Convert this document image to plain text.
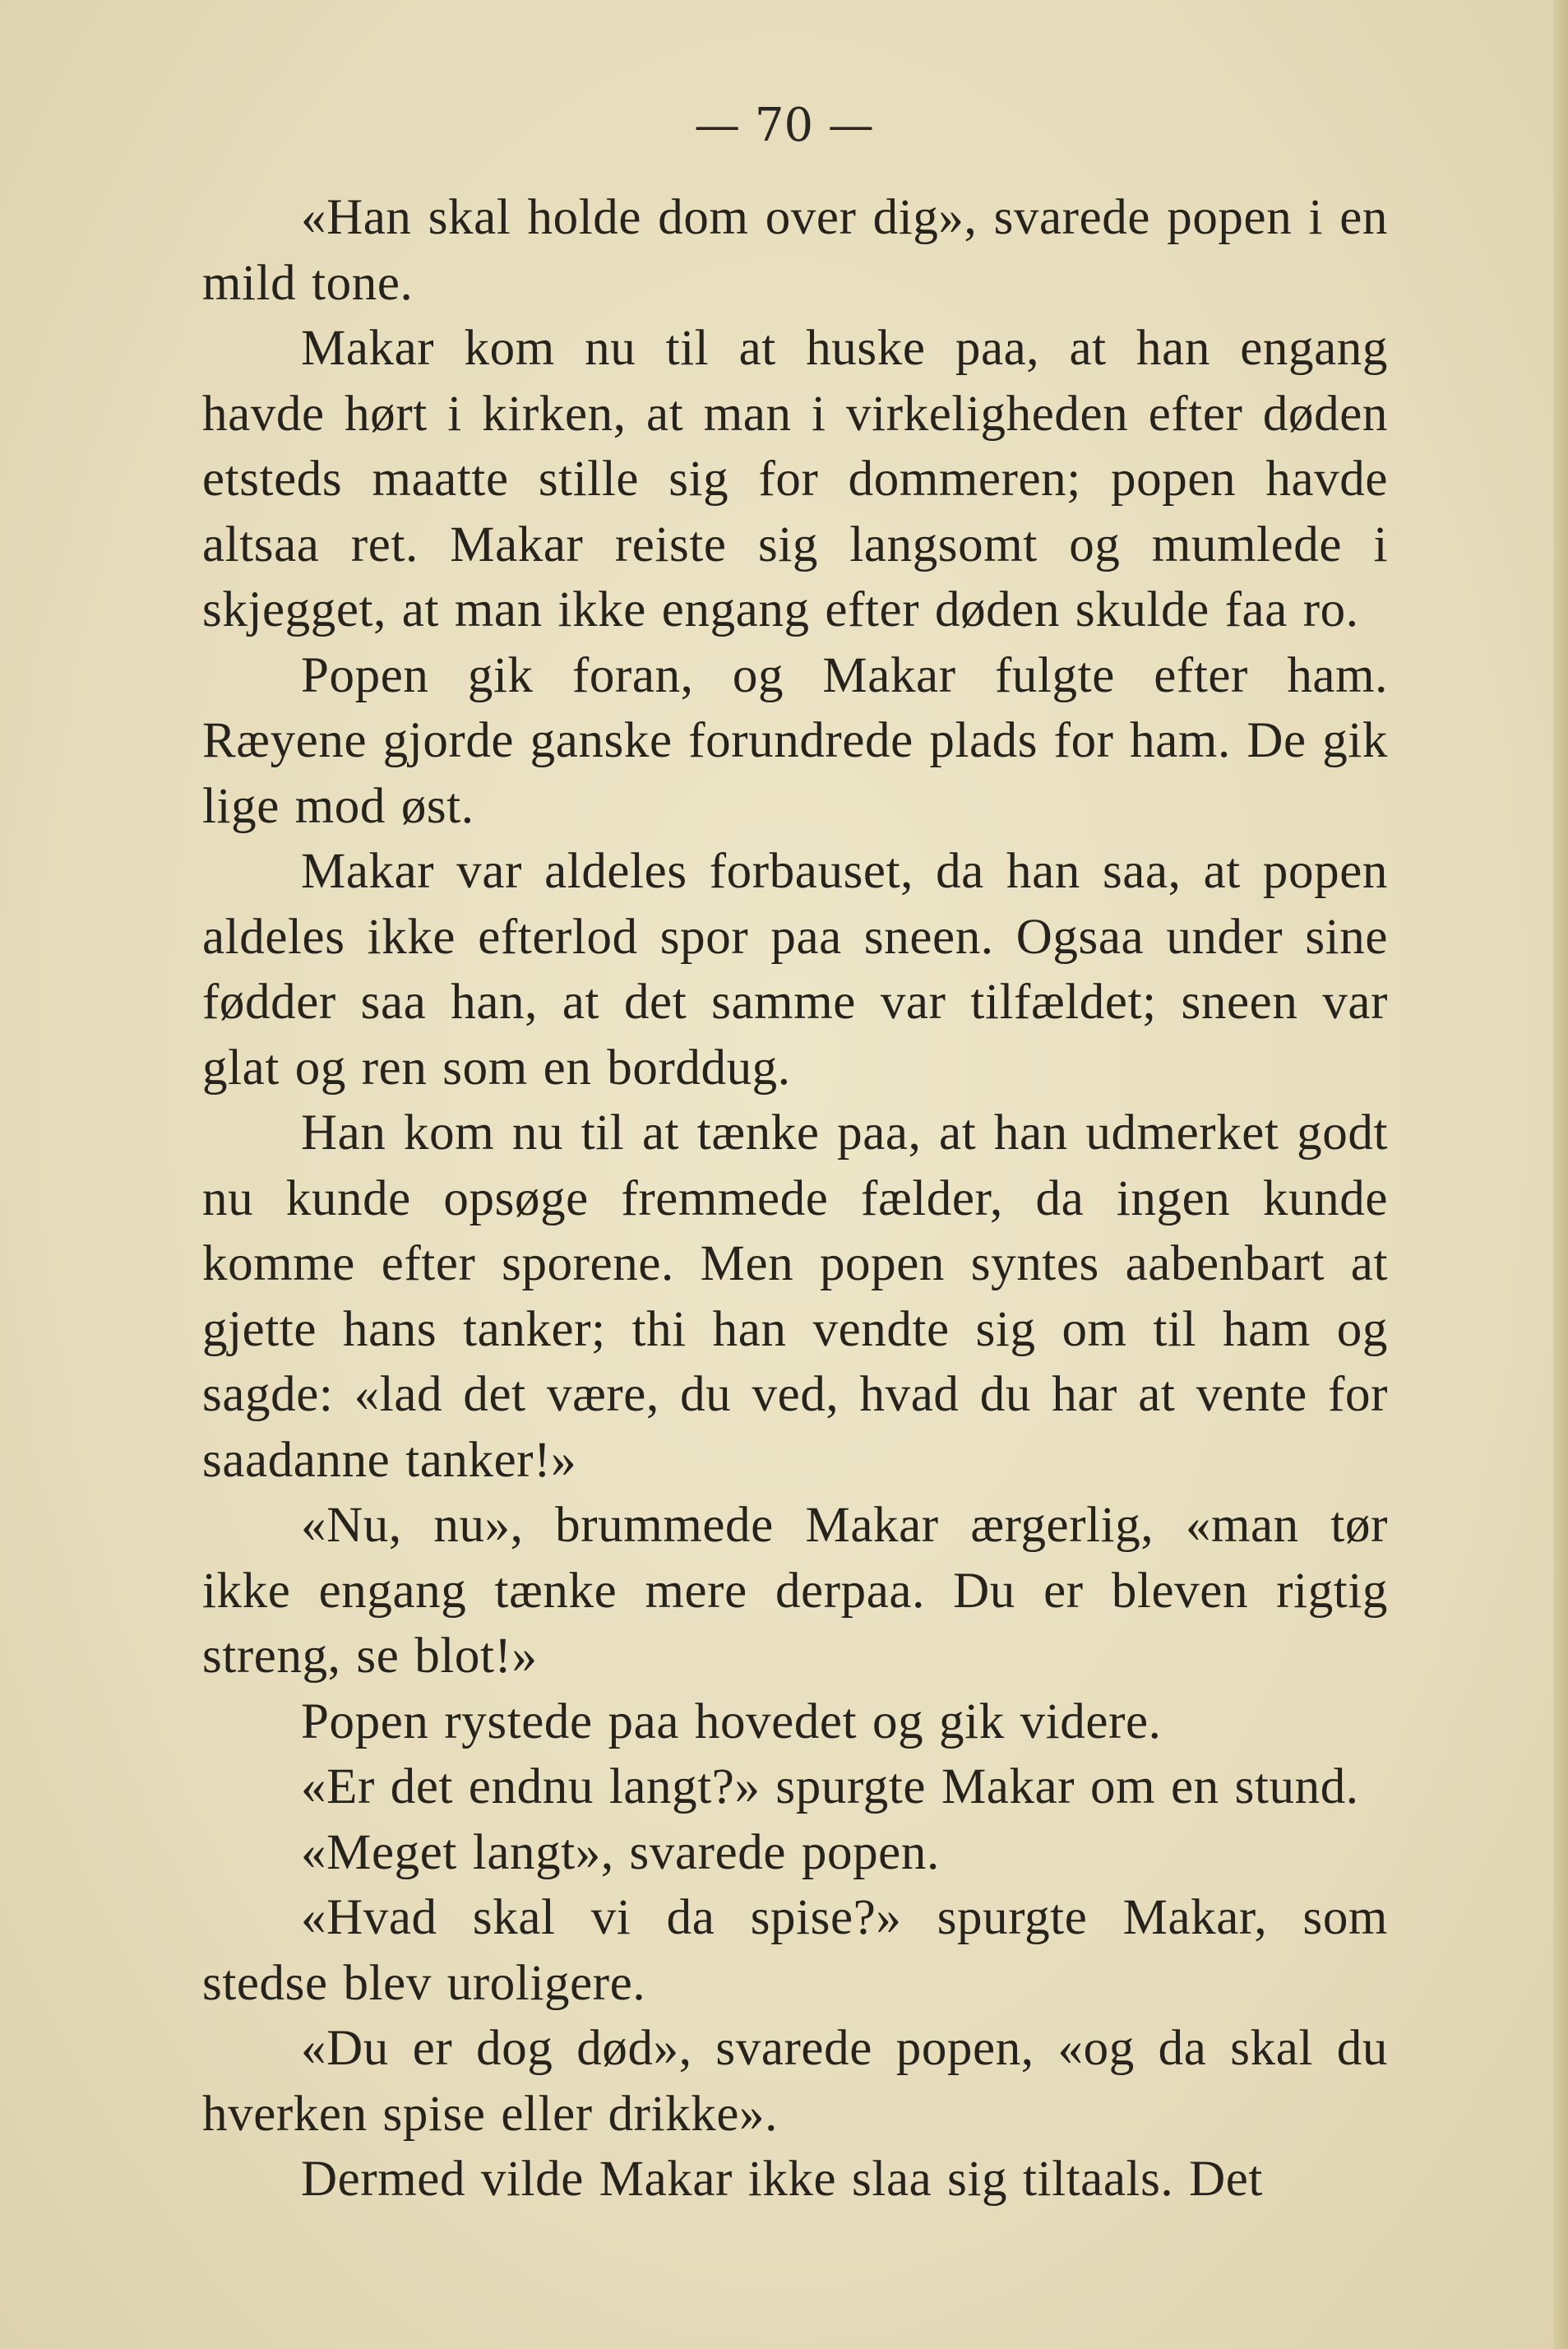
— 70 —

«Han skal holde dom over dig», svarede popen i en mild tone.

Makar kom nu til at huske paa, at han engang havde hørt i kirken, at man i virkeligheden efter døden etsteds maatte stille sig for dommeren; popen havde altsaa ret. Makar reiste sig langsomt og mumlede i skjegget, at man ikke engang efter døden skulde faa ro.

Popen gik foran, og Makar fulgte efter ham. Ræyene gjorde ganske forundrede plads for ham. De gik lige mod øst.

Makar var aldeles forbauset, da han saa, at popen aldeles ikke efterlod spor paa sneen. Ogsaa under sine fødder saa han, at det samme var tilfældet; sneen var glat og ren som en borddug.

Han kom nu til at tænke paa, at han udmerket godt nu kunde opsøge fremmede fælder, da ingen kunde komme efter sporene. Men popen syntes aabenbart at gjette hans tanker; thi han vendte sig om til ham og sagde: «lad det være, du ved, hvad du har at vente for saadanne tanker!»

«Nu, nu», brummede Makar ærgerlig, «man tør ikke engang tænke mere derpaa. Du er bleven rigtig streng, se blot!»

Popen rystede paa hovedet og gik videre.

«Er det endnu langt?» spurgte Makar om en stund.

«Meget langt», svarede popen.

«Hvad skal vi da spise?» spurgte Makar, som stedse blev uroligere.

«Du er dog død», svarede popen, «og da skal du hverken spise eller drikke».

Dermed vilde Makar ikke slaa sig tiltaals. Det
